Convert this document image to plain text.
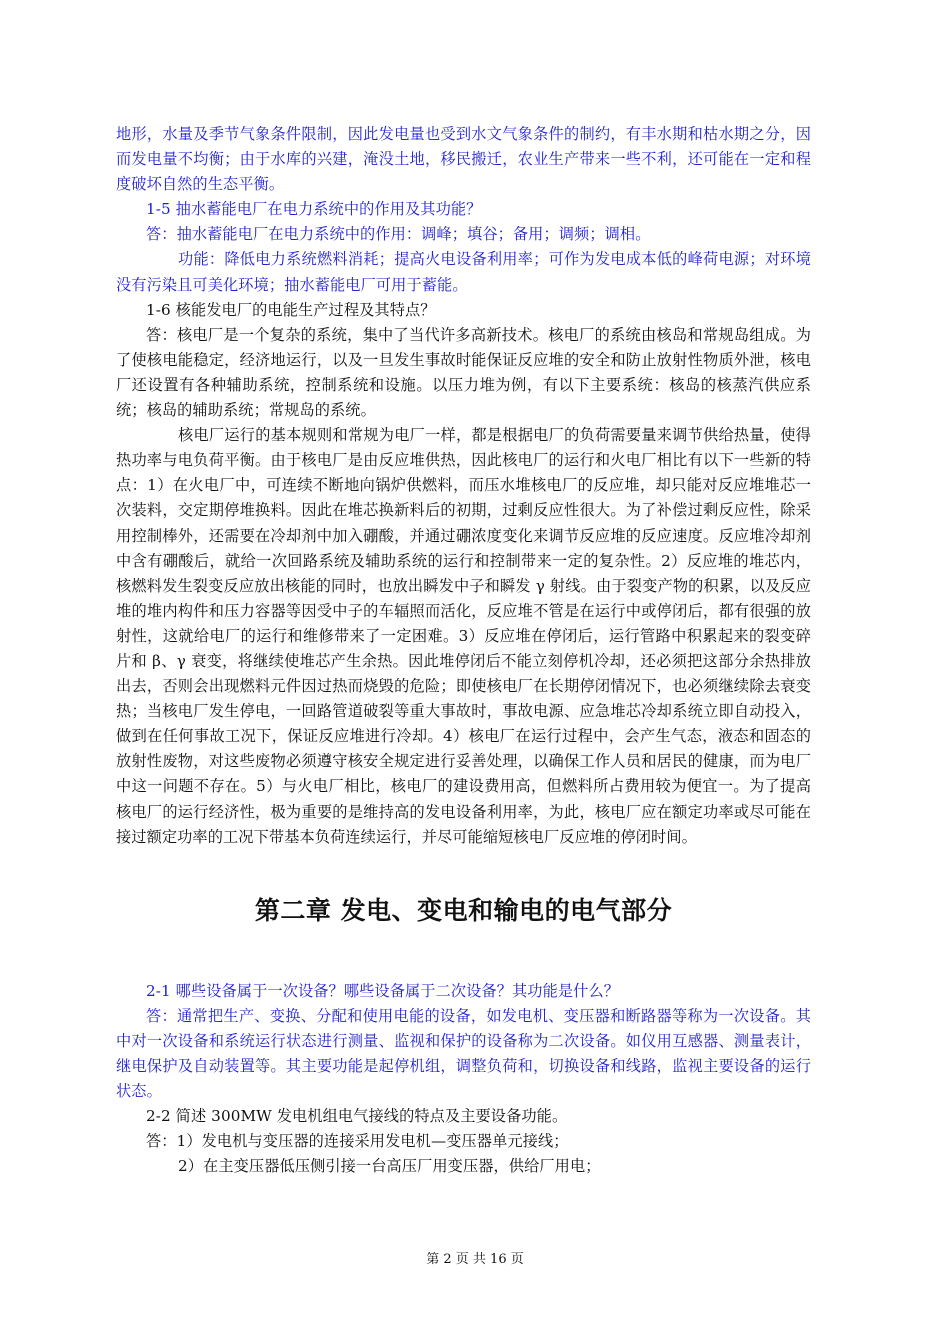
地形，水量及季节气象条件限制，因此发电量也受到水文气象条件的制约，有丰水期和枯水期之分，因而发电量不均衡；由于水库的兴建，淹没土地，移民搬迁，农业生产带来一些不利，还可能在一定和程度破坏自然的生态平衡。

1-5 抽水蓄能电厂在电力系统中的作用及其功能？

答：抽水蓄能电厂在电力系统中的作用：调峰；填谷；备用；调频；调相。

功能：降低电力系统燃料消耗；提高火电设备利用率；可作为发电成本低的峰荷电源；对环境没有污染且可美化环境；抽水蓄能电厂可用于蓄能。

1-6 核能发电厂的电能生产过程及其特点？

答：核电厂是一个复杂的系统，集中了当代许多高新技术。核电厂的系统由核岛和常规岛组成。为了使核电能稳定，经济地运行，以及一旦发生事故时能保证反应堆的安全和防止放射性物质外泄，核电厂还设置有各种辅助系统，控制系统和设施。以压力堆为例，有以下主要系统：核岛的核蒸汽供应系统；核岛的辅助系统；常规岛的系统。

核电厂运行的基本规则和常规为电厂一样，都是根据电厂的负荷需要量来调节供给热量，使得热功率与电负荷平衡。由于核电厂是由反应堆供热，因此核电厂的运行和火电厂相比有以下一些新的特点：1）在火电厂中，可连续不断地向锅炉供燃料，而压水堆核电厂的反应堆，却只能对反应堆堆芯一次装料，交定期停堆换料。因此在堆芯换新料后的初期，过剩反应性很大。为了补偿过剩反应性，除采用控制棒外，还需要在冷却剂中加入硼酸，并通过硼浓度变化来调节反应堆的反应速度。反应堆冷却剂中含有硼酸后，就给一次回路系统及辅助系统的运行和控制带来一定的复杂性。2）反应堆的堆芯内，核燃料发生裂变反应放出核能的同时，也放出瞬发中子和瞬发 γ 射线。由于裂变产物的积累，以及反应堆的堆内构件和压力容器等因受中子的车辐照而活化，反应堆不管是在运行中或停闭后，都有很强的放射性，这就给电厂的运行和维修带来了一定困难。3）反应堆在停闭后，运行管路中积累起来的裂变碎片和 β、γ 衰变，将继续使堆芯产生余热。因此堆停闭后不能立刻停机冷却，还必须把这部分余热排放出去，否则会出现燃料元件因过热而烧毁的危险；即使核电厂在长期停闭情况下，也必须继续除去衰变热；当核电厂发生停电，一回路管道破裂等重大事故时，事故电源、应急堆芯冷却系统立即自动投入，做到在任何事故工况下，保证反应堆进行冷却。4）核电厂在运行过程中，会产生气态，液态和固态的放射性废物，对这些废物必须遵守核安全规定进行妥善处理，以确保工作人员和居民的健康，而为电厂中这一问题不存在。5）与火电厂相比，核电厂的建设费用高，但燃料所占费用较为便宜一。为了提高核电厂的运行经济性，极为重要的是维持高的发电设备利用率，为此，核电厂应在额定功率或尽可能在接过额定功率的工况下带基本负荷连续运行，并尽可能缩短核电厂反应堆的停闭时间。

第二章 发电、变电和输电的电气部分

2-1 哪些设备属于一次设备？哪些设备属于二次设备？其功能是什么？

答：通常把生产、变换、分配和使用电能的设备，如发电机、变压器和断路器等称为一次设备。其中对一次设备和系统运行状态进行测量、监视和保护的设备称为二次设备。如仪用互感器、测量表计，继电保护及自动装置等。其主要功能是起停机组，调整负荷和，切换设备和线路，监视主要设备的运行状态。

2-2 简述 300MW 发电机组电气接线的特点及主要设备功能。

答：1）发电机与变压器的连接采用发电机—变压器单元接线；

2）在主变压器低压侧引接一台高压厂用变压器，供给厂用电；

第 2 页 共 16 页
